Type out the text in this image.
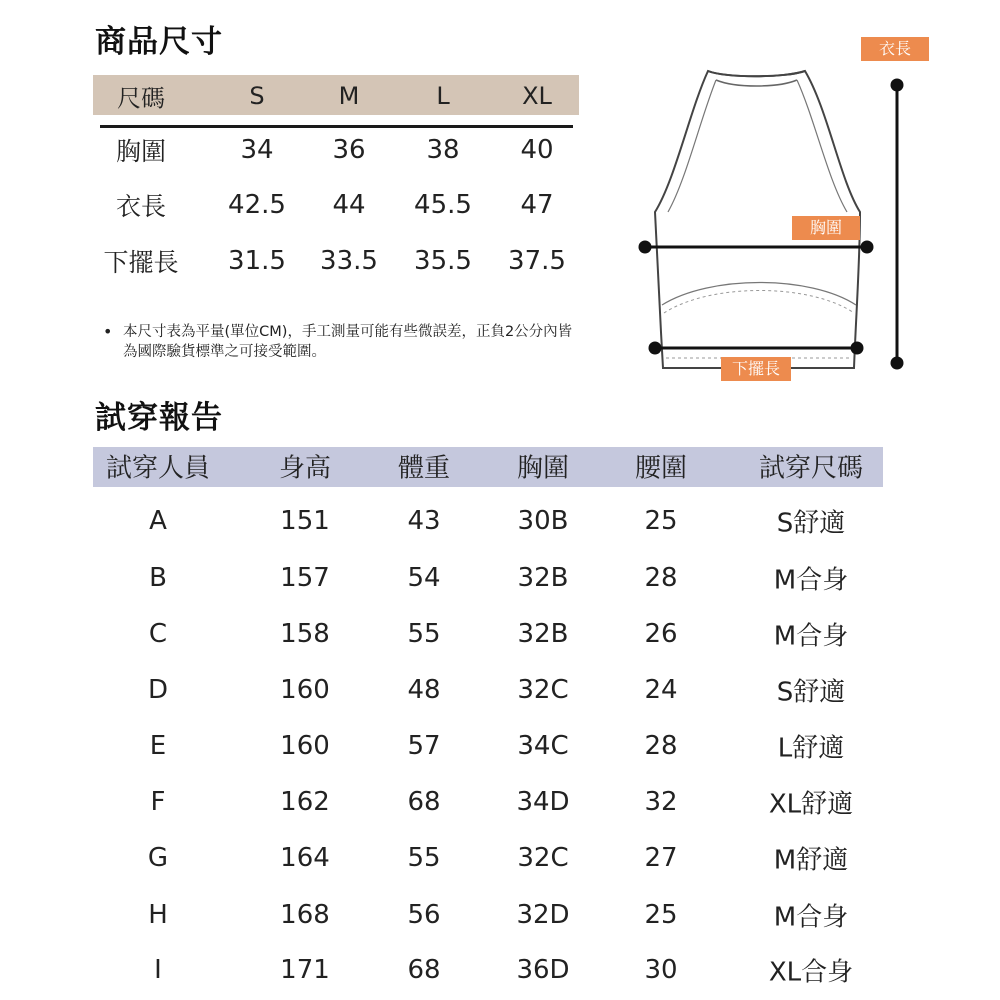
商品尺寸
尺碼	S	M	L	XL
胸圍	34 36 38 40
衣長 42.5 44 45.5 47
下擺長 31.5 33.5 35.5 37.5
• 本尺寸表為平量(單位CM)，手工測量可能有些微誤差，正負2公分內皆為國際驗貨標準之可接受範圍。
衣長
胸圍
下擺長
試穿報告
試穿人員	身高	體重	胸圍	腰圍	試穿尺碼
A	151	43	30B	25	S舒適
B	157	54	32B	28	M合身
C	158	55	32B	26	M合身
D	160	48	32C	24	S舒適
E	160	57	34C	28	L舒適
F	162	68	34D	32	XL舒適
G	164	55	32C	27	M舒適
H	168	56	32D	25	M合身
I	171	68	36D	30	XL合身
